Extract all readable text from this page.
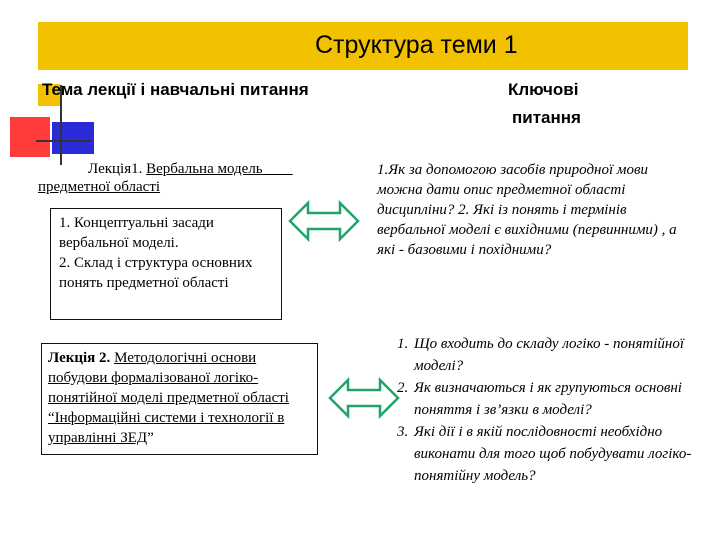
Структура теми 1
Тема лекції і навчальні питання	Ключові
питання
Лекція1. Вербальна модель
предметної області
1. Концептуальні засади вербальної моделі.
2. Склад і структура основних понять предметної області
Лекція 2. Методологічні основи побудови формалізованої логіко-понятійної моделі предметної області “Інформаційні системи і технології в управлінні ЗЕД”
1.Як за допомогою засобів природної мови можна дати опис предметної області дисципліни? 2. Які із понять і термінів вербальної моделі є вихідними (первинними) , а які - базовими і похідними?
1. Що входить до складу логіко - понятійної моделі?
2. Як визначаються і як групуються основні поняття і зв’язки в моделі?
3. Які дії і в якій послідовності необхідно виконати для того щоб побудувати логіко-понятійну модель?
